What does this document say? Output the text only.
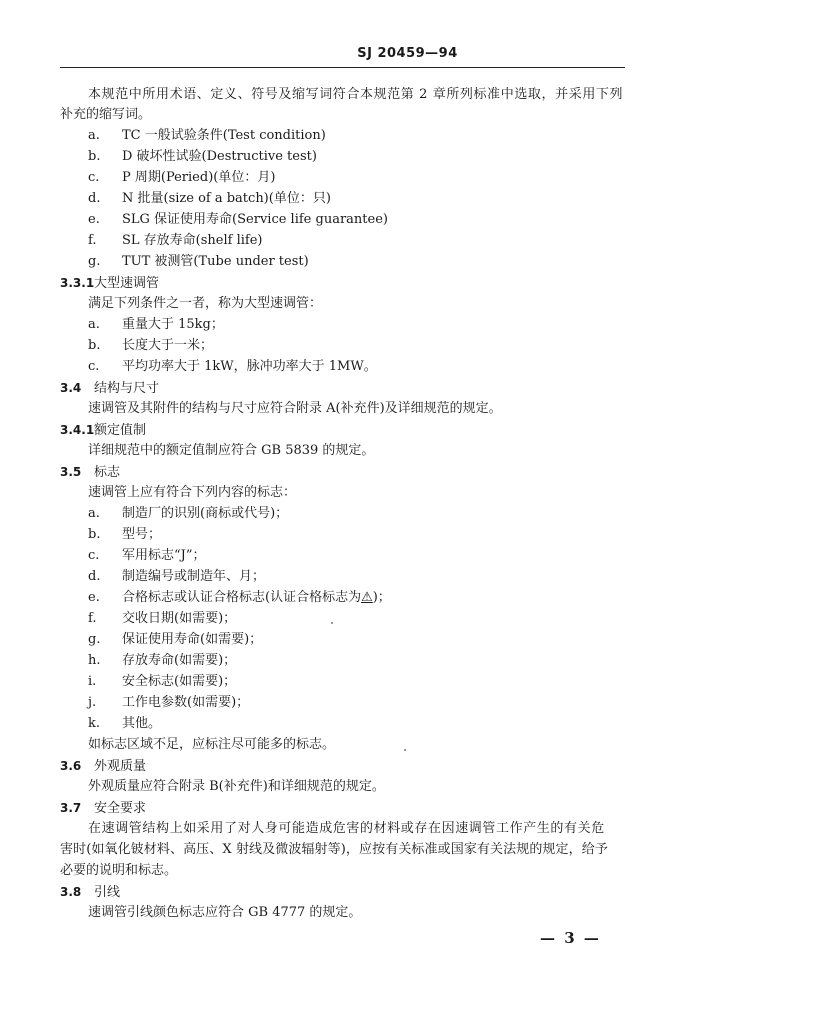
SJ 20459—94
本规范中所用术语、定义、符号及缩写词符合本规范第 2 章所列标准中选取，并采用下列
补充的缩写词。
a. TC 一般试验条件(Test condition)
b. D 破坏性试验(Destructive test)
c. P 周期(Peried)(单位：月)
d. N 批量(size of a batch)(单位：只)
e. SLG 保证使用寿命(Service life guarantee)
f. SL 存放寿命(shelf life)
g. TUT 被测管(Tube under test)
3.3.1大型速调管
满足下列条件之一者，称为大型速调管：
a. 重量大于 15kg；
b. 长度大于一米；
c. 平均功率大于 1kW，脉冲功率大于 1MW。
3.4 结构与尺寸
速调管及其附件的结构与尺寸应符合附录 A(补充件)及详细规范的规定。
3.4.1额定值制
详细规范中的额定值制应符合 GB 5839 的规定。
3.5 标志
速调管上应有符合下列内容的标志：
a. 制造厂的识别(商标或代号)；
b. 型号；
c. 军用标志“J”；
d. 制造编号或制造年、月；
e. 合格标志或认证合格标志(认证合格标志为⚠)；
f. 交收日期(如需要)；
g. 保证使用寿命(如需要)；
h. 存放寿命(如需要)；
i. 安全标志(如需要)；
j. 工作电参数(如需要)；
k. 其他。
如标志区域不足，应标注尽可能多的标志。
3.6 外观质量
外观质量应符合附录 B(补充件)和详细规范的规定。
3.7 安全要求
在速调管结构上如采用了对人身可能造成危害的材料或存在因速调管工作产生的有关危
害时(如氧化铍材料、高压、X 射线及微波辐射等)，应按有关标准或国家有关法规的规定，给予
必要的说明和标志。
3.8 引线
速调管引线颜色标志应符合 GB 4777 的规定。
— 3 —
